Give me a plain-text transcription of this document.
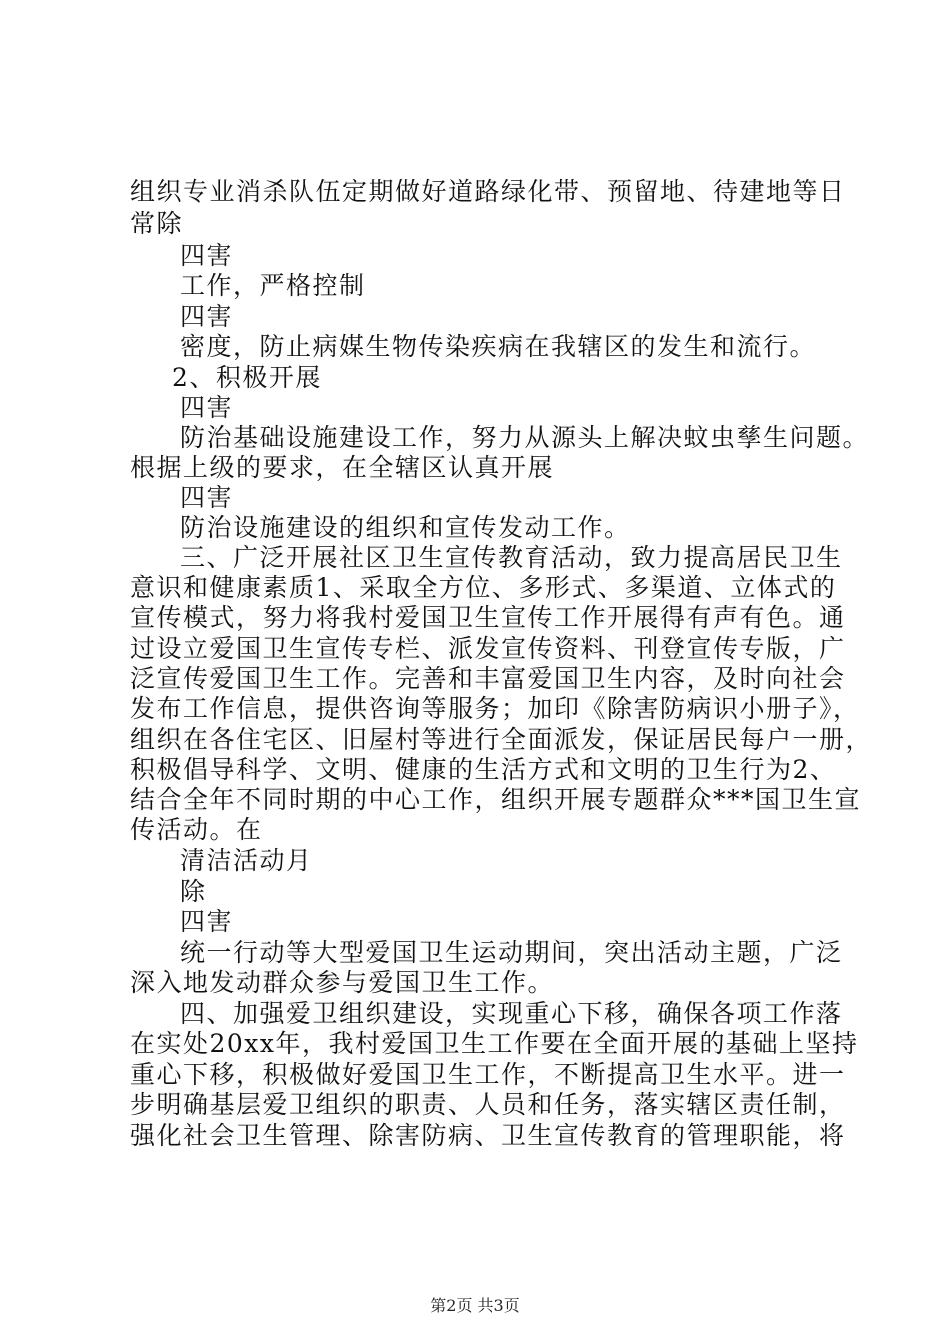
组织专业消杀队伍定期做好道路绿化带、预留地、待建地等日
常除
四害
工作，严格控制
四害
密度，防止病媒生物传染疾病在我辖区的发生和流行。
2、积极开展
四害
防治基础设施建设工作，努力从源头上解决蚊虫孳生问题。
根据上级的要求，在全辖区认真开展
四害
防治设施建设的组织和宣传发动工作。
三、广泛开展社区卫生宣传教育活动，致力提高居民卫生
意识和健康素质1、采取全方位、多形式、多渠道、立体式的
宣传模式，努力将我村爱国卫生宣传工作开展得有声有色。通
过设立爱国卫生宣传专栏、派发宣传资料、刊登宣传专版，广
泛宣传爱国卫生工作。完善和丰富爱国卫生内容，及时向社会
发布工作信息，提供咨询等服务；加印《除害防病识小册子》，
组织在各住宅区、旧屋村等进行全面派发，保证居民每户一册，
积极倡导科学、文明、健康的生活方式和文明的卫生行为2、
结合全年不同时期的中心工作，组织开展专题群众***国卫生宣
传活动。在
清洁活动月
除
四害
统一行动等大型爱国卫生运动期间，突出活动主题，广泛
深入地发动群众参与爱国卫生工作。
四、加强爱卫组织建设，实现重心下移，确保各项工作落
在实处20xx年，我村爱国卫生工作要在全面开展的基础上坚持
重心下移，积极做好爱国卫生工作，不断提高卫生水平。进一
步明确基层爱卫组织的职责、人员和任务，落实辖区责任制，
强化社会卫生管理、除害防病、卫生宣传教育的管理职能，将
第2页 共3页
